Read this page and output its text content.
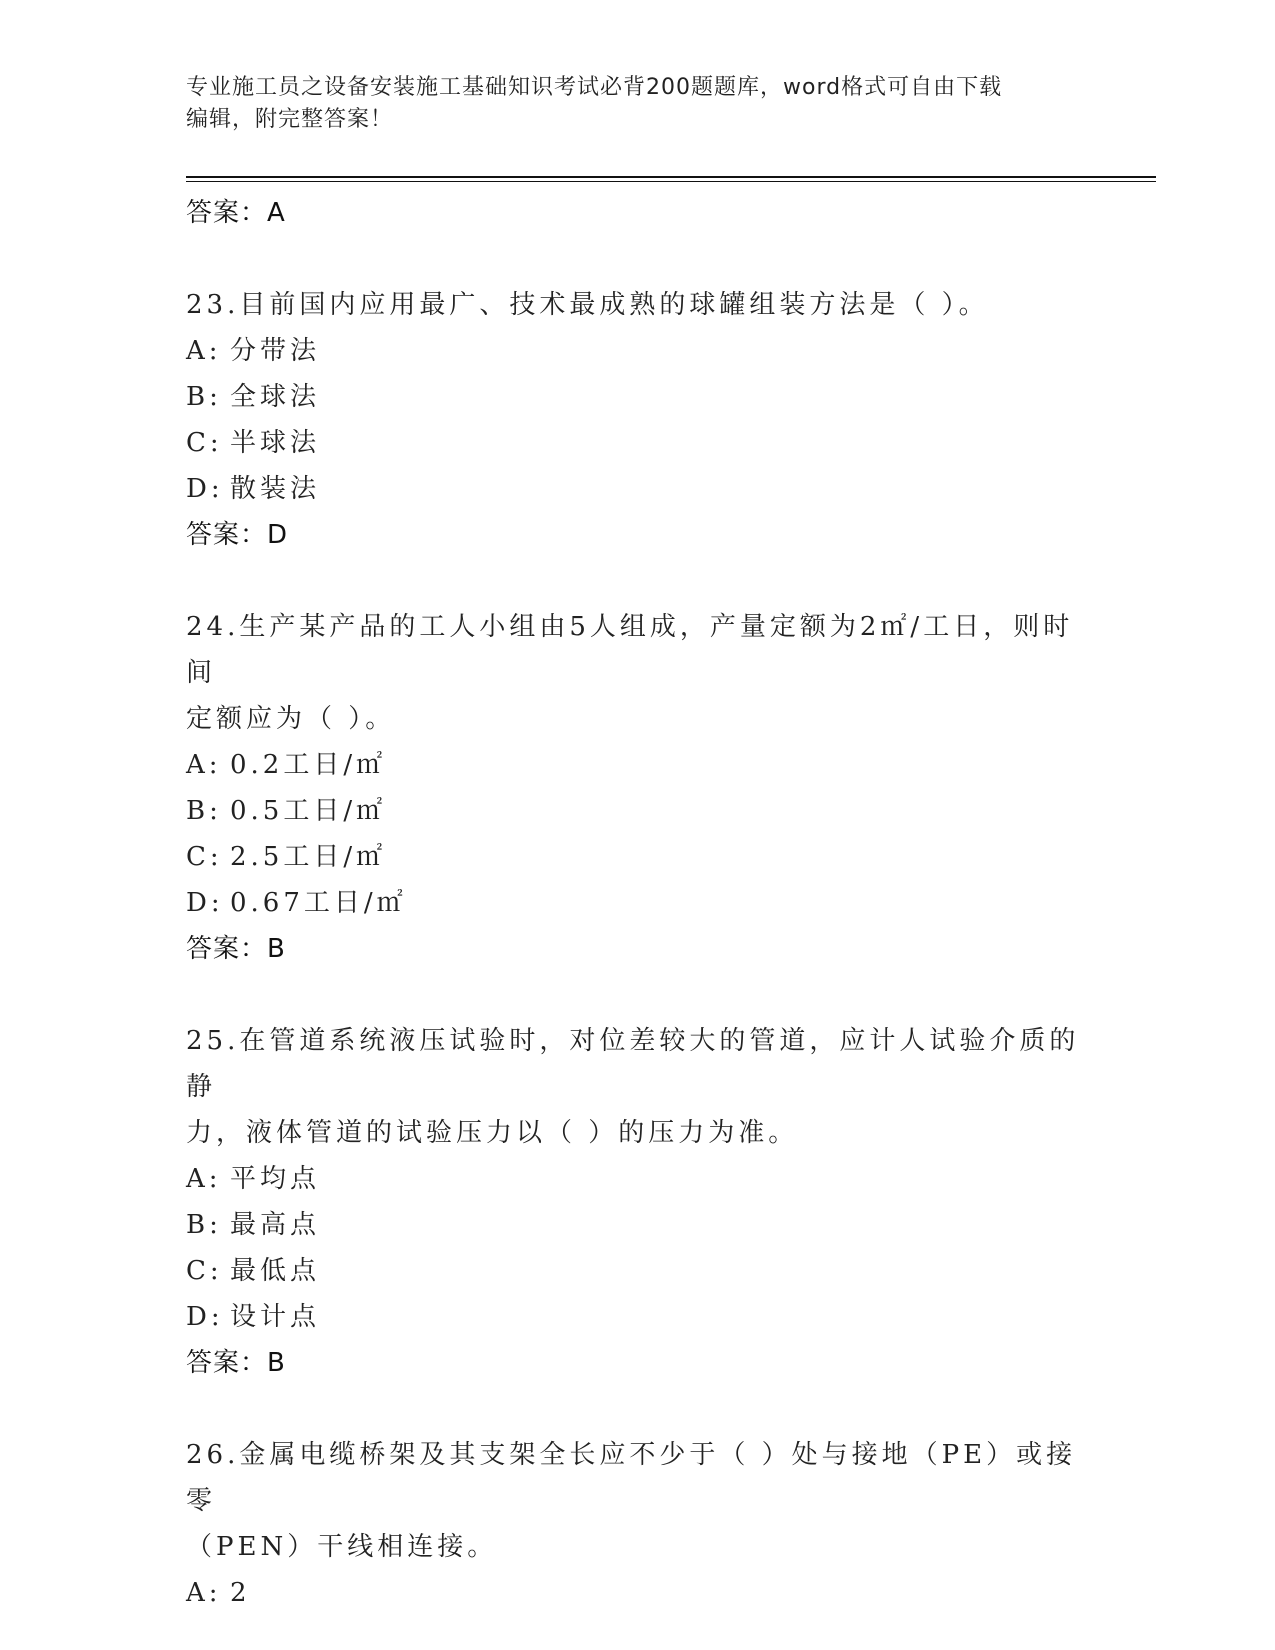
专业施工员之设备安装施工基础知识考试必背200题题库，word格式可自由下载
编辑，附完整答案！
答案：A
23.目前国内应用最广、技术最成熟的球罐组装方法是（ ）。
A: 分带法
B: 全球法
C: 半球法
D: 散装法
答案：D
24.生产某产品的工人小组由5人组成，产量定额为2㎡/工日，则时间
定额应为（ ）。
A: 0.2工日/㎡
B: 0.5工日/㎡
C: 2.5工日/㎡
D: 0.67工日/㎡
答案：B
25.在管道系统液压试验时，对位差较大的管道，应计人试验介质的静
力，液体管道的试验压力以（ ）的压力为准。
A: 平均点
B: 最高点
C: 最低点
D: 设计点
答案：B
26.金属电缆桥架及其支架全长应不少于（ ）处与接地（PE）或接零
（PEN）干线相连接。
A: 2
